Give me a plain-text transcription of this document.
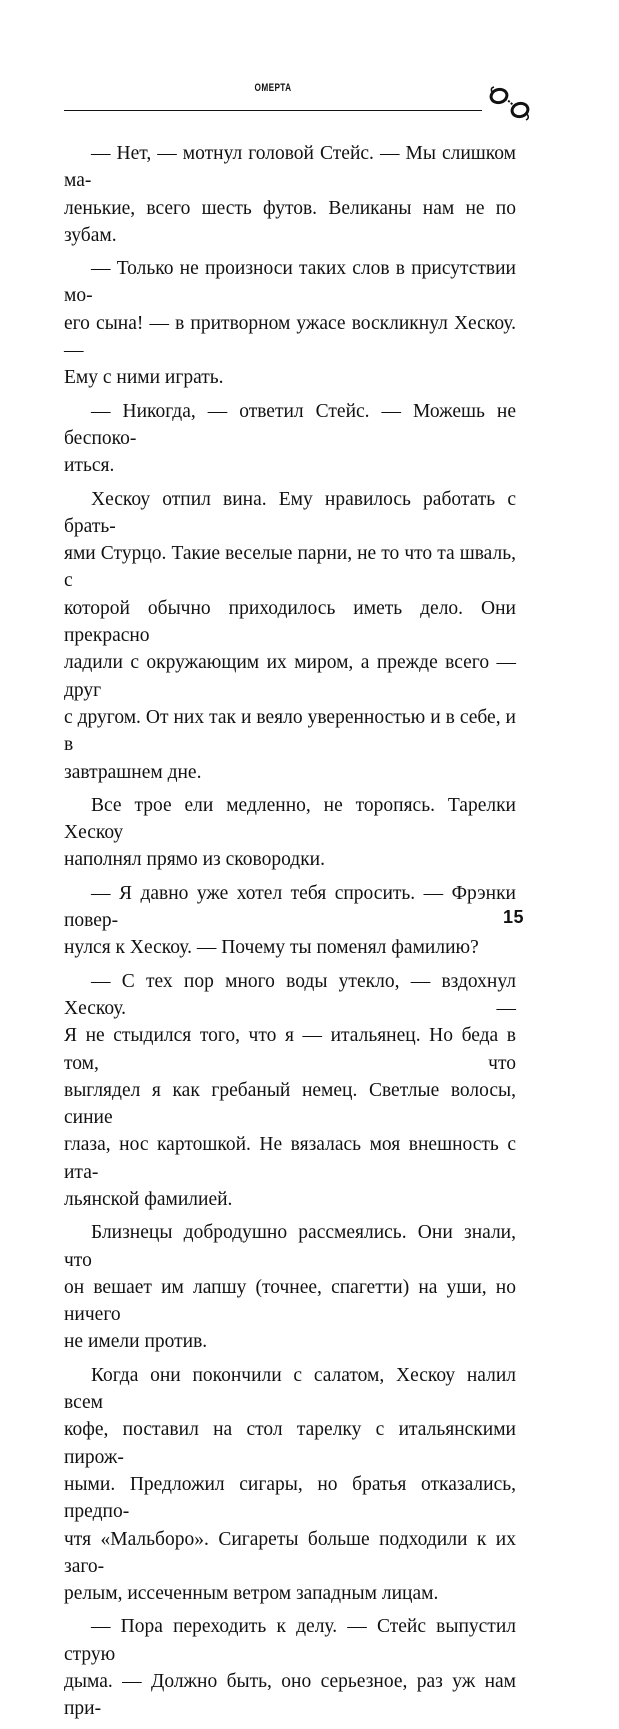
ОМЕРТА

— Нет, — мотнул головой Стейс. — Мы слишком ма-
ленькие, всего шесть футов. Великаны нам не по зубам.

— Только не произноси таких слов в присутствии мо-
его сына! — в притворном ужасе воскликнул Хескоу. —
Ему с ними играть.

— Никогда, — ответил Стейс. — Можешь не беспоко-
иться.

Хескоу отпил вина. Ему нравилось работать с брать-
ями Стурцо. Такие веселые парни, не то что та шваль, с
которой обычно приходилось иметь дело. Они прекрасно
ладили с окружающим их миром, а прежде всего — друг
с другом. От них так и веяло уверенностью и в себе, и в
завтрашнем дне.

Все трое ели медленно, не торопясь. Тарелки Хескоу
наполнял прямо из сковородки.

— Я давно уже хотел тебя спросить. — Фрэнки повер-
нулся к Хескоу. — Почему ты поменял фамилию?

— С тех пор много воды утекло, — вздохнул Хескоу. —
Я не стыдился того, что я — итальянец. Но беда в том, что
выглядел я как гребаный немец. Светлые волосы, синие
глаза, нос картошкой. Не вязалась моя внешность с ита-
льянской фамилией.

Близнецы добродушно рассмеялись. Они знали, что
он вешает им лапшу (точнее, спагетти) на уши, но ничего
не имели против.

Когда они покончили с салатом, Хескоу налил всем
кофе, поставил на стол тарелку с итальянскими пирож-
ными. Предложил сигары, но братья отказались, предпо-
чтя «Мальборо». Сигареты больше подходили к их заго-
релым, иссеченным ветром западным лицам.

— Пора переходить к делу. — Стейс выпустил струю
дыма. — Должно быть, оно серьезное, раз уж нам при-

15
